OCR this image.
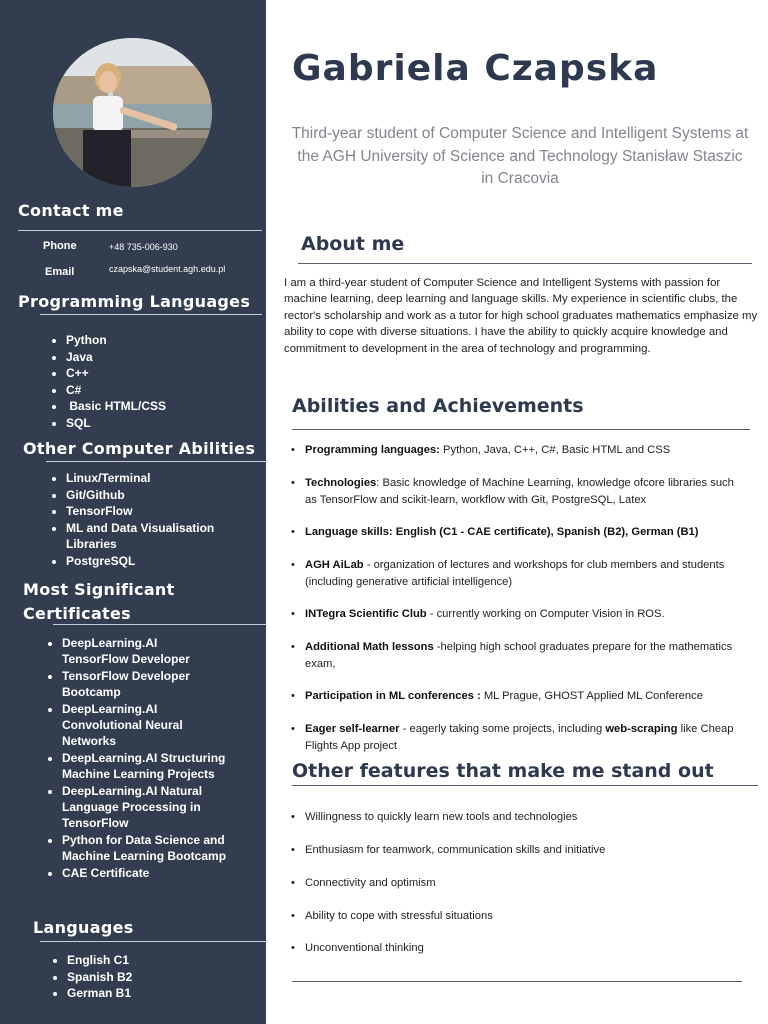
Contact me
Phone	+48 735-006-930
Email	czapska@student.agh.edu.pl
Programming Languages
• Python
• Java
• C++
• C#
•  Basic HTML/CSS
• SQL
Other Computer Abilities
• Linux/Terminal
• Git/Github
• TensorFlow
• ML and Data Visualisation Libraries
• PostgreSQL
Most Significant Certificates
• DeepLearning.AI TensorFlow Developer
• TensorFlow Developer Bootcamp
• DeepLearning.AI Convolutional Neural Networks
• DeepLearning.AI Structuring Machine Learning Projects
• DeepLearning.AI Natural Language Processing in TensorFlow
• Python for Data Science and Machine Learning Bootcamp
• CAE Certificate
Languages
• English C1
• Spanish B2
• German B1
Gabriela Czapska
Third-year student of Computer Science and Intelligent Systems at the AGH University of Science and Technology Stanisław Staszic in Cracovia
About me
I am a third-year student of Computer Science and Intelligent Systems with passion for machine learning, deep learning and language skills. My experience in scientific clubs, the rector's scholarship and work as a tutor for high school graduates mathematics emphasize my ability to cope with diverse situations. I have the ability to quickly acquire knowledge and commitment to development in the area of technology and programming.
Abilities and Achievements
• Programming languages: Python, Java, C++, C#, Basic HTML and CSS
• Technologies: Basic knowledge of Machine Learning, knowledge ofcore libraries such as TensorFlow and scikit-learn, workflow with Git, PostgreSQL, Latex
• Language skills: English (C1 - CAE certificate), Spanish (B2), German (B1)
• AGH AiLab - organization of lectures and workshops for club members and students (including generative artificial intelligence)
• INTegra Scientific Club - currently working on Computer Vision in ROS.
• Additional Math lessons -helping high school graduates prepare for the mathematics exam,
• Participation in ML conferences : ML Prague, GHOST Applied ML Conference
• Eager self-learner - eagerly taking some projects, including web-scraping like Cheap Flights App project
Other features that make me stand out
• Willingness to quickly learn new tools and technologies
• Enthusiasm for teamwork, communication skills and initiative
• Connectivity and optimism
• Ability to cope with stressful situations
• Unconventional thinking
